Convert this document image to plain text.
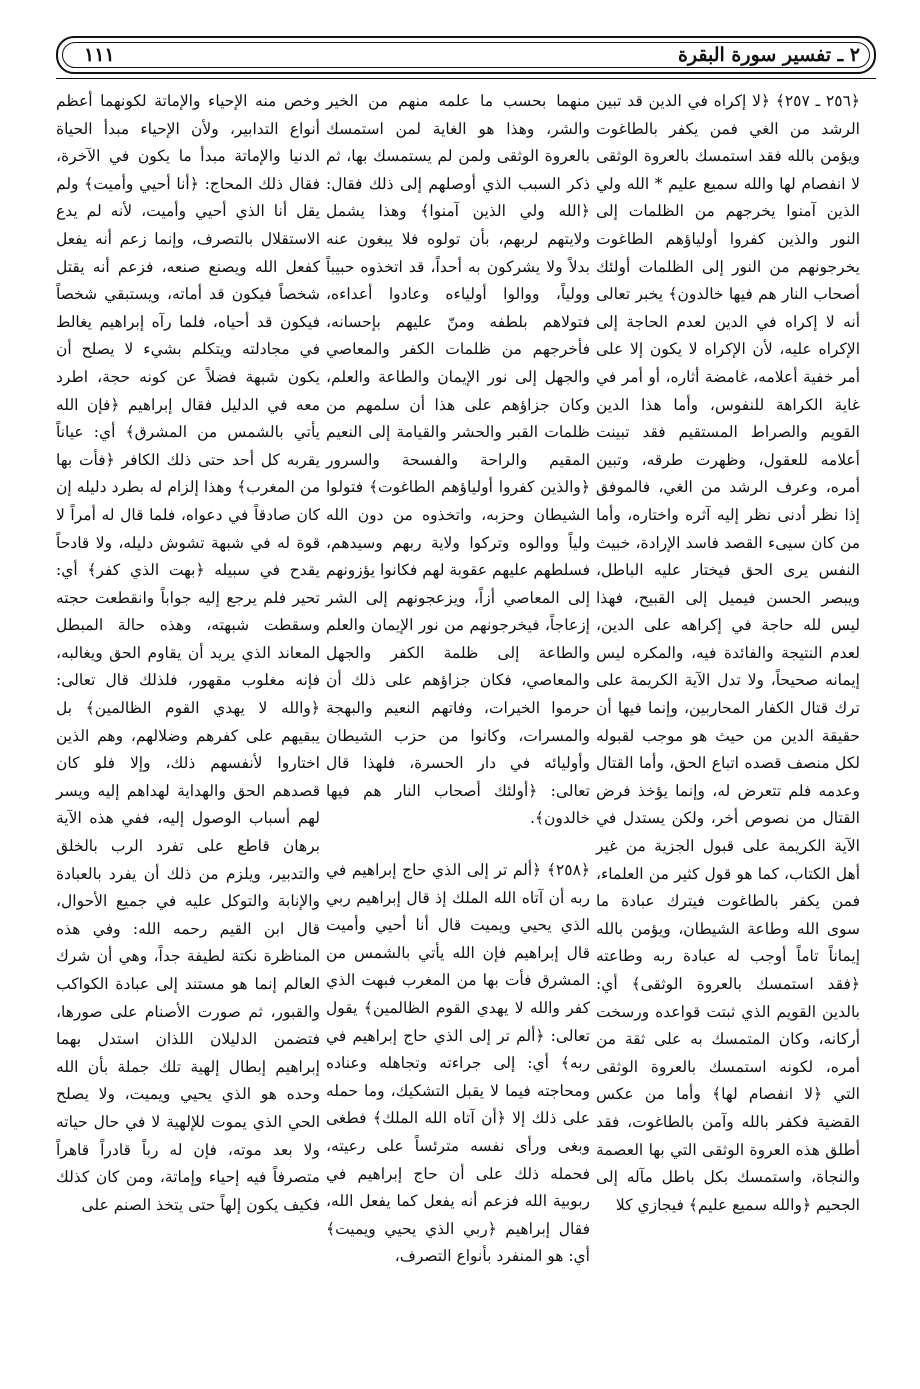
٢ ـ تفسير سورة البقرة
١١١

﴿٢٥٦ ـ ٢٥٧﴾ ﴿لا إكراه في الدين قد تبين الرشد من الغي فمن يكفر بالطاغوت ويؤمن بالله فقد استمسك بالعروة الوثقى لا انفصام لها والله سميع عليم * الله ولي الذين آمنوا يخرجهم من الظلمات إلى النور والذين كفروا أولياؤهم الطاغوت يخرجونهم من النور إلى الظلمات أولئك أصحاب النار هم فيها خالدون﴾ يخبر تعالى أنه لا إكراه في الدين لعدم الحاجة إلى الإكراه عليه، لأن الإكراه لا يكون إلا على أمر خفية أعلامه، غامضة أثاره، أو أمر في غاية الكراهة للنفوس، وأما هذا الدين القويم والصراط المستقيم فقد تبينت أعلامه للعقول، وظهرت طرقه، وتبين أمره، وعرف الرشد من الغي، فالموفق إذا نظر أدنى نظر إليه آثره واختاره، وأما من كان سيىء القصد فاسد الإرادة، خبيث النفس يرى الحق فيختار عليه الباطل، ويبصر الحسن فيميل إلى القبيح، فهذا ليس لله حاجة في إكراهه على الدين، لعدم النتيجة والفائدة فيه، والمكره ليس إيمانه صحيحاً، ولا تدل الآية الكريمة على ترك قتال الكفار المحاربين، وإنما فيها أن حقيقة الدين من حيث هو موجب لقبوله لكل منصف قصده اتباع الحق، وأما القتال وعدمه فلم تتعرض له، وإنما يؤخذ فرض القتال من نصوص أخر، ولكن يستدل في الآية الكريمة على قبول الجزية من غير أهل الكتاب، كما هو قول كثير من العلماء، فمن يكفر بالطاغوت فيترك عبادة ما سوى الله وطاعة الشيطان، ويؤمن بالله إيماناً تاماً أوجب له عبادة ربه وطاعته ﴿فقد استمسك بالعروة الوثقى﴾ أي: بالدين القويم الذي ثبتت قواعده ورسخت أركانه، وكان المتمسك به على ثقة من أمره، لكونه استمسك بالعروة الوثقى التي ﴿لا انفصام لها﴾ وأما من عكس القضية فكفر بالله وآمن بالطاغوت، فقد أطلق هذه العروة الوثقى التي بها العصمة والنجاة، واستمسك بكل باطل مآله إلى الجحيم ﴿والله سميع عليم﴾ فيجازي كلا

منهما بحسب ما علمه منهم من الخير والشر، وهذا هو الغاية لمن استمسك بالعروة الوثقى ولمن لم يستمسك بها، ثم ذكر السبب الذي أوصلهم إلى ذلك فقال: ﴿الله ولي الذين آمنوا﴾ وهذا يشمل ولايتهم لربهم، بأن تولوه فلا يبغون عنه بدلاً ولا يشركون به أحداً، قد اتخذوه حبيباً وولياً، ووالوا أولياءه وعادوا أعداءه، فتولاهم بلطفه ومنّ عليهم بإحسانه، فأخرجهم من ظلمات الكفر والمعاصي والجهل إلى نور الإيمان والطاعة والعلم، وكان جزاؤهم على هذا أن سلمهم من ظلمات القبر والحشر والقيامة إلى النعيم المقيم والراحة والفسحة والسرور ﴿والذين كفروا أولياؤهم الطاغوت﴾ فتولوا الشيطان وحزبه، واتخذوه من دون الله ولياً ووالوه وتركوا ولاية ربهم وسيدهم، فسلطهم عليهم عقوبة لهم فكانوا يؤزونهم إلى المعاصي أزاً، ويزعجونهم إلى الشر إزعاجاً، فيخرجونهم من نور الإيمان والعلم والطاعة إلى ظلمة الكفر والجهل والمعاصي، فكان جزاؤهم على ذلك أن حرموا الخيرات، وفاتهم النعيم والبهجة والمسرات، وكانوا من حزب الشيطان وأوليائه في دار الحسرة، فلهذا قال تعالى: ﴿أولئك أصحاب النار هم فيها خالدون﴾.

﴿٢٥٨﴾ ﴿ألم تر إلى الذي حاج إبراهيم في ربه أن آتاه الله الملك إذ قال إبراهيم ربي الذي يحيي ويميت قال أنا أحيي وأميت قال إبراهيم فإن الله يأتي بالشمس من المشرق فأت بها من المغرب فبهت الذي كفر والله لا يهدي القوم الظالمين﴾ يقول تعالى: ﴿ألم تر إلى الذي حاج إبراهيم في ربه﴾ أي: إلى جراءته وتجاهله وعناده ومحاجته فيما لا يقبل التشكيك، وما حمله على ذلك إلا ﴿أن آتاه الله الملك﴾ فطغى وبغى ورأى نفسه مترئساً على رعيته، فحمله ذلك على أن حاج إبراهيم في ربوبية الله فزعم أنه يفعل كما يفعل الله، فقال إبراهيم ﴿ربي الذي يحيي ويميت﴾ أي: هو المنفرد بأنواع التصرف،

وخص منه الإحياء والإماتة لكونهما أعظم أنواع التدابير، ولأن الإحياء مبدأ الحياة الدنيا والإماتة مبدأ ما يكون في الآخرة، فقال ذلك المحاج: ﴿أنا أحيي وأميت﴾ ولم يقل أنا الذي أحيي وأميت، لأنه لم يدع الاستقلال بالتصرف، وإنما زعم أنه يفعل كفعل الله ويصنع صنعه، فزعم أنه يقتل شخصاً فيكون قد أماته، ويستبقي شخصاً فيكون قد أحياه، فلما رآه إبراهيم يغالط في مجادلته ويتكلم بشيء لا يصلح أن يكون شبهة فضلاً عن كونه حجة، اطرد معه في الدليل فقال إبراهيم ﴿فإن الله يأتي بالشمس من المشرق﴾ أي: عياناً يقربه كل أحد حتى ذلك الكافر ﴿فأت بها من المغرب﴾ وهذا إلزام له بطرد دليله إن كان صادقاً في دعواه، فلما قال له أمراً لا قوة له في شبهة تشوش دليله، ولا قادحاً يقدح في سبيله ﴿بهت الذي كفر﴾ أي: تحير فلم يرجع إليه جواباً وانقطعت حجته وسقطت شبهته، وهذه حالة المبطل المعاند الذي يريد أن يقاوم الحق ويغالبه، فإنه مغلوب مقهور، فلذلك قال تعالى: ﴿والله لا يهدي القوم الظالمين﴾ بل يبقيهم على كفرهم وضلالهم، وهم الذين اختاروا لأنفسهم ذلك، وإلا فلو كان قصدهم الحق والهداية لهداهم إليه ويسر لهم أسباب الوصول إليه، ففي هذه الآية برهان قاطع على تفرد الرب بالخلق والتدبير، ويلزم من ذلك أن يفرد بالعبادة والإنابة والتوكل عليه في جميع الأحوال، قال ابن القيم رحمه الله: وفي هذه المناظرة نكتة لطيفة جداً، وهي أن شرك العالم إنما هو مستند إلى عبادة الكواكب والقبور، ثم صورت الأصنام على صورها، فتضمن الدليلان اللذان استدل بهما إبراهيم إبطال إلهية تلك جملة بأن الله وحده هو الذي يحيي ويميت، ولا يصلح الحي الذي يموت للإلهية لا في حال حياته ولا بعد موته، فإن له رباً قادراً قاهراً متصرفاً فيه إحياء وإماتة، ومن كان كذلك فكيف يكون إلهاً حتى يتخذ الصنم على
